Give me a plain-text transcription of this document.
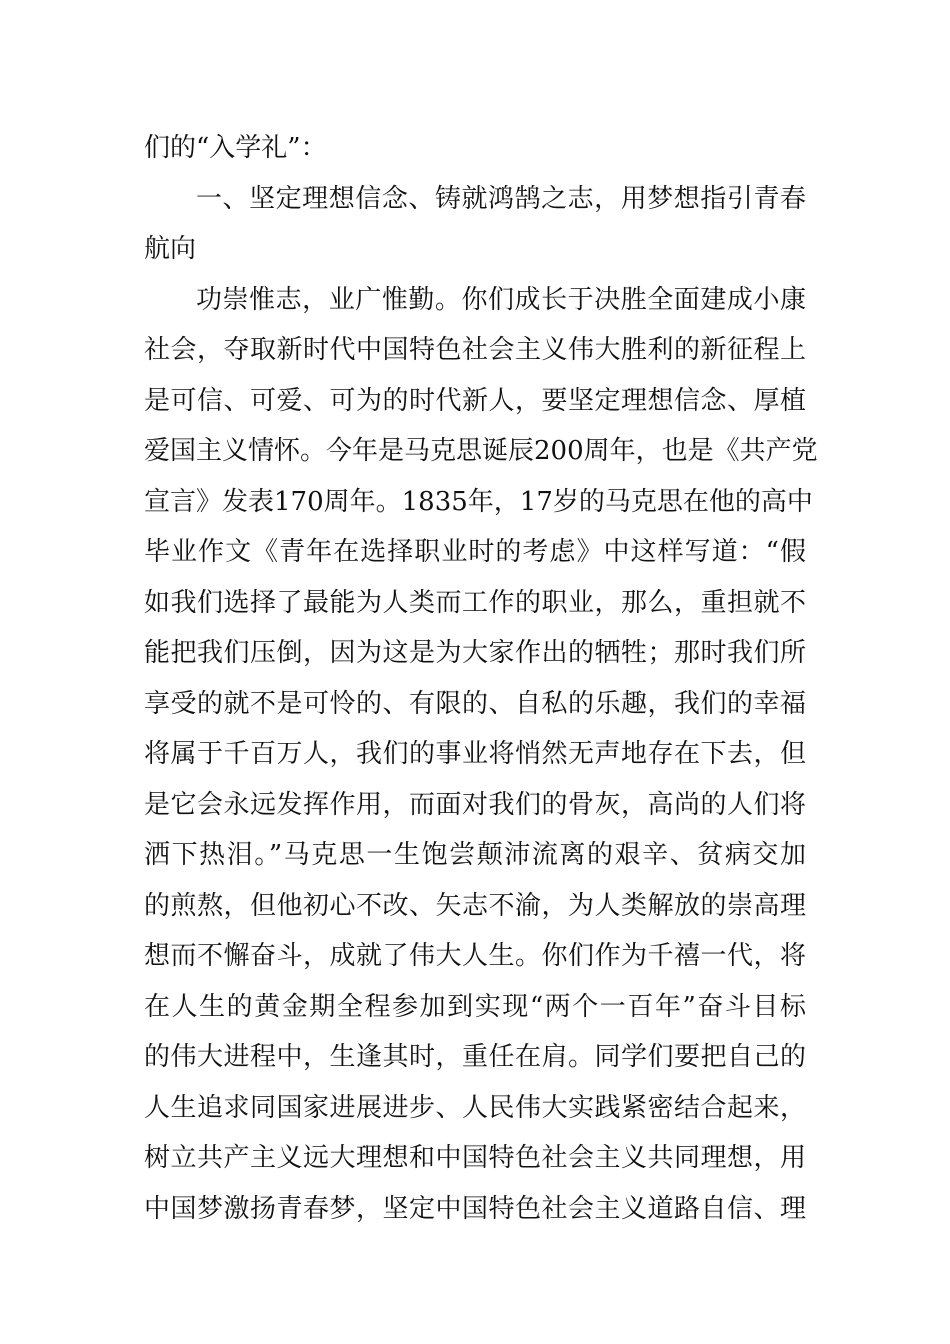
们的“入学礼”：
一、坚定理想信念、铸就鸿鹄之志，用梦想指引青春
航向
功崇惟志，业广惟勤。你们成长于决胜全面建成小康
社会，夺取新时代中国特色社会主义伟大胜利的新征程上
是可信、可爱、可为的时代新人，要坚定理想信念、厚植
爱国主义情怀。今年是马克思诞辰200周年，也是《共产党
宣言》发表170周年。1835年，17岁的马克思在他的高中
毕业作文《青年在选择职业时的考虑》中这样写道：“假
如我们选择了最能为人类而工作的职业，那么，重担就不
能把我们压倒，因为这是为大家作出的牺牲；那时我们所
享受的就不是可怜的、有限的、自私的乐趣，我们的幸福
将属于千百万人，我们的事业将悄然无声地存在下去，但
是它会永远发挥作用，而面对我们的骨灰，高尚的人们将
洒下热泪。”马克思一生饱尝颠沛流离的艰辛、贫病交加
的煎熬，但他初心不改、矢志不渝，为人类解放的崇高理
想而不懈奋斗，成就了伟大人生。你们作为千禧一代，将
在人生的黄金期全程参加到实现“两个一百年”奋斗目标
的伟大进程中，生逢其时，重任在肩。同学们要把自己的
人生追求同国家进展进步、人民伟大实践紧密结合起来，
树立共产主义远大理想和中国特色社会主义共同理想，用
中国梦激扬青春梦，坚定中国特色社会主义道路自信、理
